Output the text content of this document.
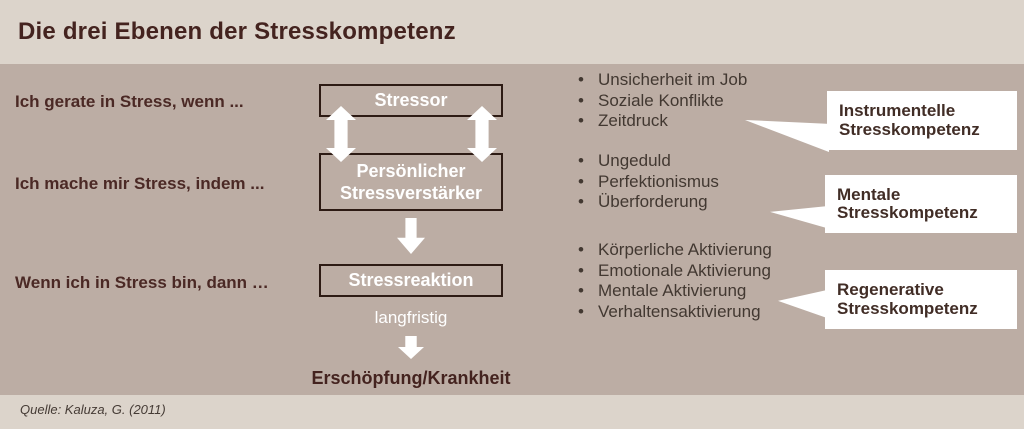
Die drei Ebenen der Stresskompetenz
Ich gerate in Stress, wenn ...
Ich mache mir Stress, indem ...
Wenn ich in Stress bin, dann …
Stressor
Persönlicher Stressverstärker
Stressreaktion
langfristig
Erschöpfung/Krankheit
• Unsicherheit im Job
• Soziale Konflikte
• Zeitdruck
• Ungeduld
• Perfektionismus
• Überforderung
• Körperliche Aktivierung
• Emotionale Aktivierung
• Mentale Aktivierung
• Verhaltensaktivierung
Instrumentelle
Stresskompetenz
Mentale
Stresskompetenz
Regenerative
Stresskompetenz
Quelle: Kaluza, G. (2011)
